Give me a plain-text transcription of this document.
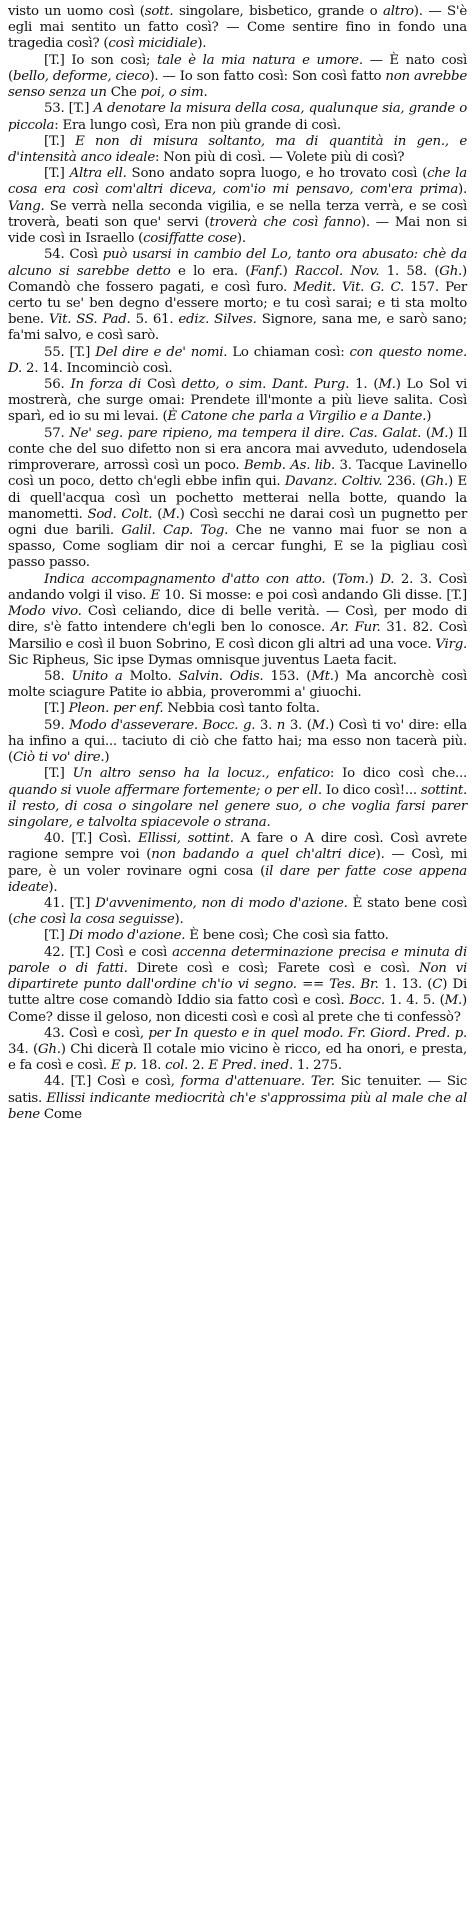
visto un uomo così (sott. singolare, bisbetico, grande o altro). — S'è egli mai sentito un fatto così? — Come sentire fino in fondo una tragedia così? (così micidiale).

[T.] Io son così; tale è la mia natura e umore. — È nato così (bello, deforme, cieco). — Io son fatto così: Son così fatto non avrebbe senso senza un Che poi, o sim.

53. [T.] A denotare la misura della cosa, qualunque sia, grande o piccola: Era lungo così, Era non più grande di così.

[T.] E non di misura soltanto, ma di quantità in gen., e d'intensità anco ideale: Non più di così. — Volete più di così?

[T.] Altra ell. Sono andato sopra luogo, e ho trovato così (che la cosa era così com'altri diceva, com'io mi pensavo, com'era prima). Vang. Se verrà nella seconda vigilia, e se nella terza verrà, e se così troverà, beati son que' servi (troverà che così fanno). — Mai non si vide così in Israello (cosiffatte cose).

54. Così può usarsi in cambio del Lo, tanto ora abusato: chè da alcuno si sarebbe detto e lo era. (Fanf.) Raccol. Nov. 1. 58. (Gh.) Comandò che fossero pagati, e così furo. Medit. Vit. G. C. 157. Per certo tu se' ben degno d'essere morto; e tu così sarai; e ti sta molto bene. Vit. SS. Pad. 5. 61. ediz. Silves. Signore, sana me, e sarò sano; fa'mi salvo, e così sarò.

55. [T.] Del dire e de' nomi. Lo chiaman così: con questo nome. D. 2. 14. Incominciò così.

56. In forza di Così detto, o sim. Dant. Purg. 1. (M.) Lo Sol vi mostrerà, che surge omai: Prendete ill'monte a più lieve salita. Così sparì, ed io su mi levai. (È Catone che parla a Virgilio e a Dante.)

57. Ne' seg. pare ripieno, ma tempera il dire. Cas. Galat. (M.) Il conte che del suo difetto non si era ancora mai avveduto, udendosela rimproverare, arrossì così un poco. Bemb. As. lib. 3. Tacque Lavinello così un poco, detto ch'egli ebbe infin qui. Davanz. Coltiv. 236. (Gh.) E di quell'acqua così un pochetto metterai nella botte, quando la manometti. Sod. Colt. (M.) Così secchi ne darai così un pugnetto per ogni due barili. Galil. Cap. Tog. Che ne vanno mai fuor se non a spasso, Come sogliam dir noi a cercar funghi, E se la pigliau così passo passo.

Indica accompagnamento d'atto con atto. (Tom.) D. 2. 3. Così andando volgi il viso. E 10. Si mosse: e poi così andando Gli disse. [T.] Modo vivo. Così celiando, dice di belle verità. — Così, per modo di dire, s'è fatto intendere ch'egli ben lo conosce. Ar. Fur. 31. 82. Così Marsilio e così il buon Sobrino, E così dicon gli altri ad una voce. Virg. Sic Ripheus, Sic ipse Dymas omnisque juventus Laeta facit.

58. Unito a Molto. Salvin. Odis. 153. (Mt.) Ma ancorchè così molte sciagure Patite io abbia, proverommi a' giuochi.

[T.] Pleon. per enf. Nebbia così tanto folta.

59. Modo d'asseverare. Bocc. g. 3. n 3. (M.) Così ti vo' dire: ella ha infino a qui... taciuto di ciò che fatto hai; ma esso non tacerà più. (Ciò ti vo' dire.)

[T.] Un altro senso ha la locuz., enfatico: Io dico così che... quando si vuole affermare fortemente; o per ell. Io dico così!... sottint. il resto, di cosa o singolare nel genere suo, o che voglia farsi parer singolare, e talvolta spiacevole o strana.

40. [T.] Così. Ellissi, sottint. A fare o A dire così. Così avrete ragione sempre voi (non badando a quel ch'altri dice). — Così, mi pare, è un voler rovinare ogni cosa (il dare per fatte cose appena ideate).

41. [T.] D'avvenimento, non di modo d'azione. È stato bene così (che così la cosa seguisse).

[T.] Di modo d'azione. È bene così; Che così sia fatto.

42. [T.] Così e così accenna determinazione precisa e minuta di parole o di fatti. Direte così e così; Farete così e così. Non vi dipartirete punto dall'ordine ch'io vi segno. == Tes. Br. 1. 13. (C) Di tutte altre cose comandò Iddio sia fatto così e così. Bocc. 1. 4. 5. (M.) Come? disse il geloso, non dicesti così e così al prete che ti confessò?

43. Così e così, per In questo e in quel modo. Fr. Giord. Pred. p. 34. (Gh.) Chi dicerà Il cotale mio vicino è ricco, ed ha onori, e presta, e fa così e così. E p. 18. col. 2. E Pred. ined. 1. 275.

44. [T.] Così e così, forma d'attenuare. Ter. Sic tenuiter. — Sic satis. Ellissi indicante mediocrità ch'e s'approssima più al male che al bene Come
